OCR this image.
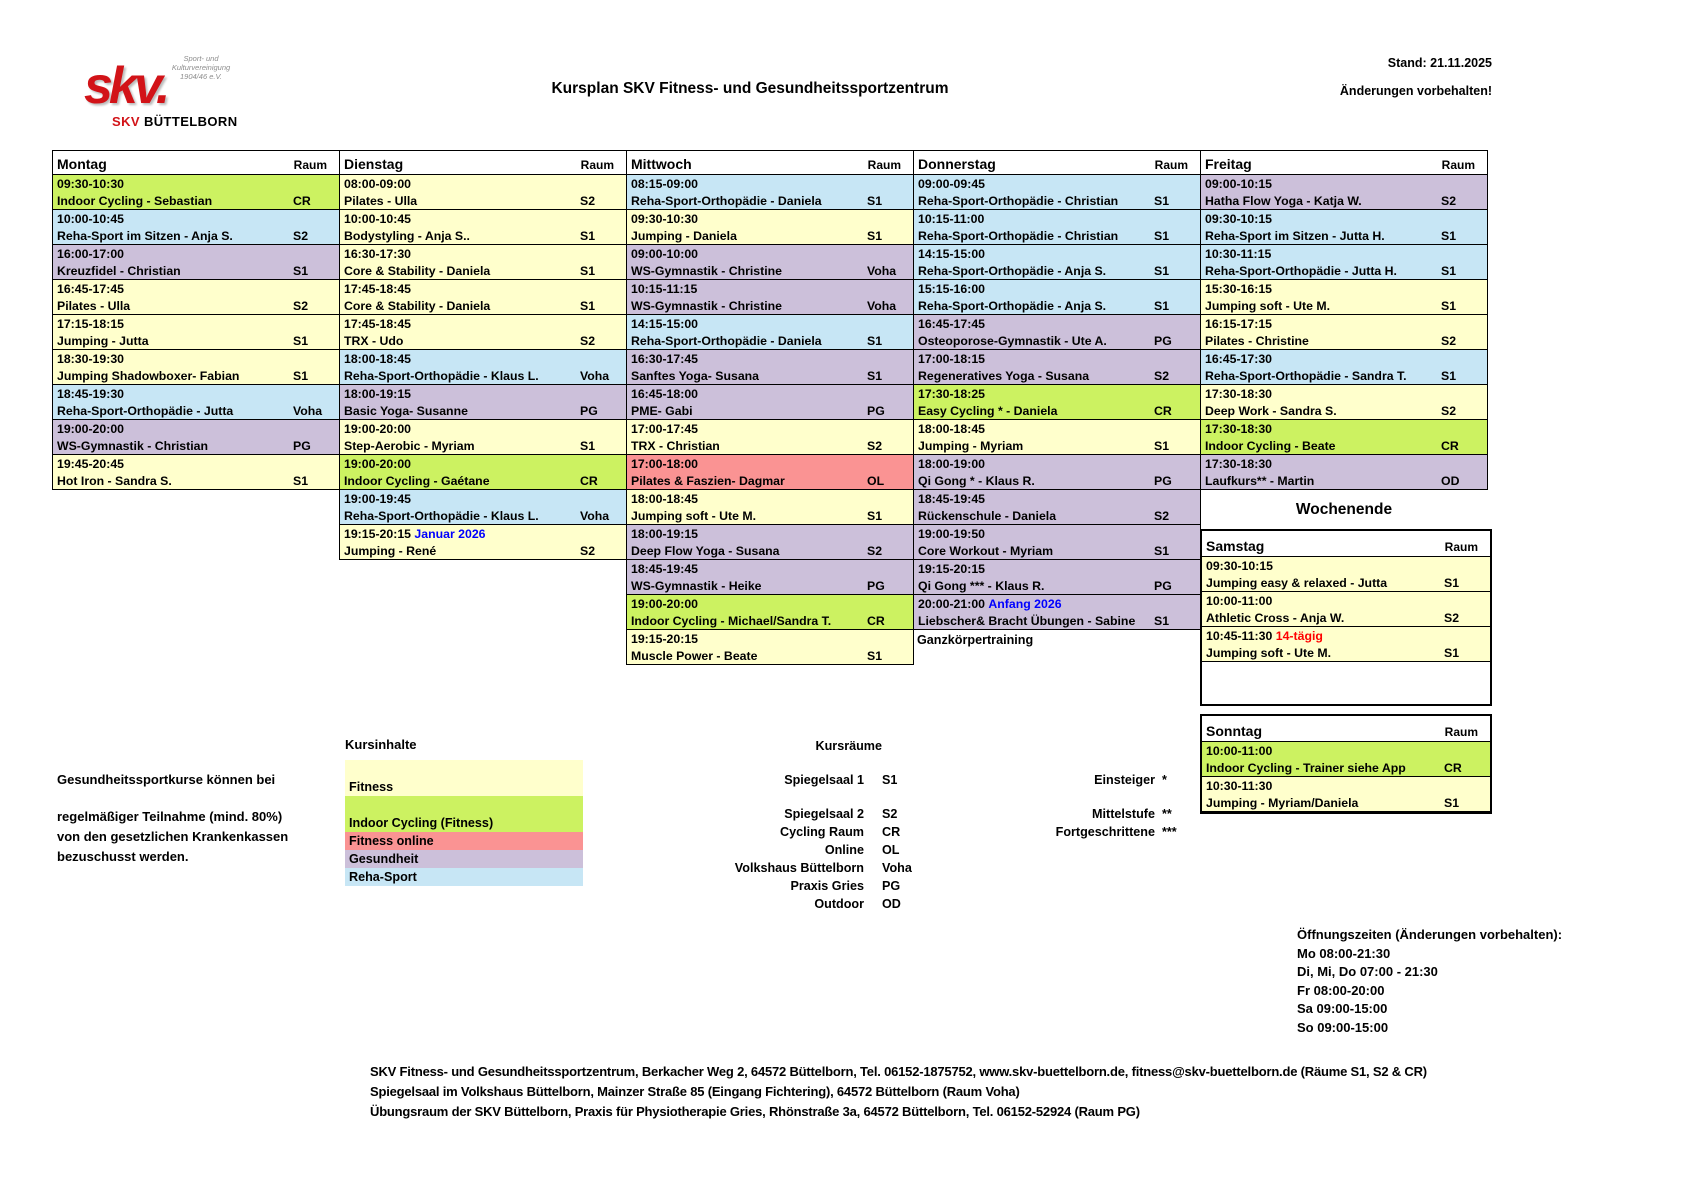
Sport- und Kulturvereinigung 1904/46 e.V.
skv.
SKV BÜTTELBORN
Kursplan SKV Fitness- und Gesundheitssportzentrum
Stand: 21.11.2025
Änderungen vorbehalten!
Montag	Raum
09:30-10:30
Indoor Cycling - Sebastian	CR
10:00-10:45
Reha-Sport im Sitzen - Anja S.	S2
16:00-17:00
Kreuzfidel - Christian	S1
16:45-17:45
Pilates - Ulla	S2
17:15-18:15
Jumping - Jutta	S1
18:30-19:30
Jumping Shadowboxer- Fabian	S1
18:45-19:30
Reha-Sport-Orthopädie - Jutta	Voha
19:00-20:00
WS-Gymnastik - Christian	PG
19:45-20:45
Hot Iron - Sandra S.	S1
Dienstag	Raum
08:00-09:00
Pilates - Ulla	S2
10:00-10:45
Bodystyling - Anja S..	S1
16:30-17:30
Core & Stability - Daniela	S1
17:45-18:45
Core & Stability - Daniela	S1
17:45-18:45
TRX - Udo	S2
18:00-18:45
Reha-Sport-Orthopädie - Klaus L.	Voha
18:00-19:15
Basic Yoga- Susanne	PG
19:00-20:00
Step-Aerobic - Myriam	S1
19:00-20:00
Indoor Cycling - Gaétane	CR
19:00-19:45
Reha-Sport-Orthopädie - Klaus L.	Voha
19:15-20:15 Januar 2026
Jumping - René	S2
Mittwoch	Raum
08:15-09:00
Reha-Sport-Orthopädie - Daniela	S1
09:30-10:30
Jumping - Daniela	S1
09:00-10:00
WS-Gymnastik - Christine	Voha
10:15-11:15
WS-Gymnastik - Christine	Voha
14:15-15:00
Reha-Sport-Orthopädie - Daniela	S1
16:30-17:45
Sanftes Yoga- Susana	S1
16:45-18:00
PME- Gabi	PG
17:00-17:45
TRX - Christian	S2
17:00-18:00
Pilates & Faszien- Dagmar	OL
18:00-18:45
Jumping soft - Ute M.	S1
18:00-19:15
Deep Flow Yoga - Susana	S2
18:45-19:45
WS-Gymnastik - Heike	PG
19:00-20:00
Indoor Cycling - Michael/Sandra T.	CR
19:15-20:15
Muscle Power - Beate	S1
Donnerstag	Raum
09:00-09:45
Reha-Sport-Orthopädie - Christian	S1
10:15-11:00
Reha-Sport-Orthopädie - Christian	S1
14:15-15:00
Reha-Sport-Orthopädie - Anja S.	S1
15:15-16:00
Reha-Sport-Orthopädie - Anja S.	S1
16:45-17:45
Osteoporose-Gymnastik - Ute A.	PG
17:00-18:15
Regeneratives Yoga - Susana	S2
17:30-18:25
Easy Cycling * - Daniela	CR
18:00-18:45
Jumping - Myriam	S1
18:00-19:00
Qi Gong * - Klaus R.	PG
18:45-19:45
Rückenschule - Daniela	S2
19:00-19:50
Core Workout - Myriam	S1
19:15-20:15
Qi Gong *** - Klaus R.	PG
20:00-21:00 Anfang 2026
Liebscher& Bracht Übungen - Sabine	S1
Ganzkörpertraining
Freitag	Raum
09:00-10:15
Hatha Flow Yoga - Katja W.	S2
09:30-10:15
Reha-Sport im Sitzen - Jutta H.	S1
10:30-11:15
Reha-Sport-Orthopädie - Jutta H.	S1
15:30-16:15
Jumping soft - Ute M.	S1
16:15-17:15
Pilates - Christine	S2
16:45-17:30
Reha-Sport-Orthopädie - Sandra T.	S1
17:30-18:30
Deep Work - Sandra S.	S2
17:30-18:30
Indoor Cycling - Beate	CR
17:30-18:30
Laufkurs** - Martin	OD
Wochenende
Samstag	Raum
09:30-10:15
Jumping easy & relaxed - Jutta	S1
10:00-11:00
Athletic Cross - Anja W.	S2
10:45-11:30 14-tägig
Jumping soft - Ute M.	S1
Sonntag	Raum
10:00-11:00
Indoor Cycling - Trainer siehe App	CR
10:30-11:30
Jumping - Myriam/Daniela	S1
Gesundheitssportkurse können bei
regelmäßiger Teilnahme (mind. 80%)
von den gesetzlichen Krankenkassen
bezuschusst werden.
Kursinhalte
Fitness
Indoor Cycling (Fitness)
Fitness online
Gesundheit
Reha-Sport
Kursräume
Spiegelsaal 1	S1
Spiegelsaal 2	S2
Cycling Raum	CR
Online	OL
Volkshaus Büttelborn	Voha
Praxis Gries	PG
Outdoor	OD
Einsteiger *
Mittelstufe **
Fortgeschrittene ***
Öffnungszeiten (Änderungen vorbehalten):
Mo 08:00-21:30
Di, Mi, Do 07:00 - 21:30
Fr 08:00-20:00
Sa 09:00-15:00
So 09:00-15:00
SKV Fitness- und Gesundheitssportzentrum, Berkacher Weg 2, 64572 Büttelborn, Tel. 06152-1875752, www.skv-buettelborn.de, fitness@skv-buettelborn.de (Räume S1, S2 & CR)
Spiegelsaal im Volkshaus Büttelborn, Mainzer Straße 85 (Eingang Fichtering), 64572 Büttelborn (Raum Voha)
Übungsraum der SKV Büttelborn, Praxis für Physiotherapie Gries, Rhönstraße 3a, 64572 Büttelborn, Tel. 06152-52924 (Raum PG)
